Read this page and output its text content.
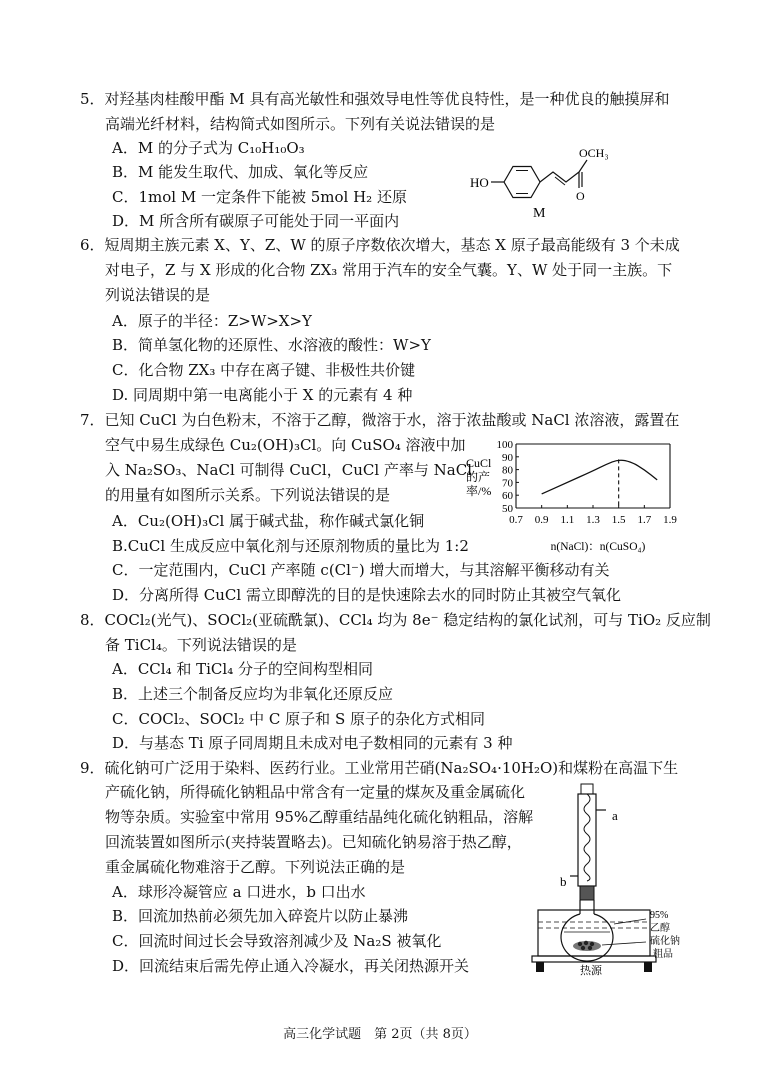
5．对羟基肉桂酸甲酯 M 具有高光敏性和强效导电性等优良特性，是一种优良的触摸屏和
高端光纤材料，结构简式如图所示。下列有关说法错误的是
A．M 的分子式为 C₁₀H₁₀O₃
B．M 能发生取代、加成、氧化等反应
C．1mol M 一定条件下能被 5mol H₂ 还原
D．M 所含所有碳原子可能处于同一平面内
HO
O
OCH₃
M
6．短周期主族元素 X、Y、Z、W 的原子序数依次增大，基态 X 原子最高能级有 3 个未成
对电子，Z 与 X 形成的化合物 ZX₃ 常用于汽车的安全气囊。Y、W 处于同一主族。下
列说法错误的是
A．原子的半径：Z>W>X>Y
B．简单氢化物的还原性、水溶液的酸性：W>Y
C．化合物 ZX₃ 中存在离子键、非极性共价键
D. 同周期中第一电离能小于 X 的元素有 4 种
7．已知 CuCl 为白色粉末，不溶于乙醇，微溶于水，溶于浓盐酸或 NaCl 浓溶液，露置在
空气中易生成绿色 Cu₂(OH)₃Cl。向 CuSO₄ 溶液中加
入 Na₂SO₃、NaCl 可制得 CuCl，CuCl 产率与 NaCl
的用量有如图所示关系。下列说法错误的是
A．Cu₂(OH)₃Cl 属于碱式盐，称作碱式氯化铜
B.CuCl 生成反应中氧化剂与还原剂物质的量比为 1:2
C．一定范围内，CuCl 产率随 c(Cl⁻) 增大而增大，与其溶解平衡移动有关
D．分离所得 CuCl 需立即醇洗的目的是快速除去水的同时防止其被空气氧化
CuCl
的产
率/%
100
90
80
70
60
50
0.7 0.9 1.1 1.3 1.5 1.7 1.9
n(NaCl)：n(CuSO₄)
8．COCl₂(光气)、SOCl₂(亚硫酰氯)、CCl₄ 均为 8e⁻ 稳定结构的氯化试剂，可与 TiO₂ 反应制
备 TiCl₄。下列说法错误的是
A．CCl₄ 和 TiCl₄ 分子的空间构型相同
B．上述三个制备反应均为非氧化还原反应
C．COCl₂、SOCl₂ 中 C 原子和 S 原子的杂化方式相同
D．与基态 Ti 原子同周期且未成对电子数相同的元素有 3 种
9．硫化钠可广泛用于染料、医药行业。工业常用芒硝(Na₂SO₄·10H₂O)和煤粉在高温下生
产硫化钠，所得硫化钠粗品中常含有一定量的煤灰及重金属硫化
物等杂质。实验室中常用 95%乙醇重结晶纯化硫化钠粗品，溶解
回流装置如图所示(夹持装置略去)。已知硫化钠易溶于热乙醇，
重金属硫化物难溶于乙醇。下列说法正确的是
A．球形冷凝管应 a 口进水，b 口出水
B．回流加热前必须先加入碎瓷片以防止暴沸
C．回流时间过长会导致溶剂减少及 Na₂S 被氧化
D．回流结束后需先停止通入冷凝水，再关闭热源开关
a
b
95%
乙醇
硫化钠
粗品
热源
高三化学试题　第 2页（共 8页）
